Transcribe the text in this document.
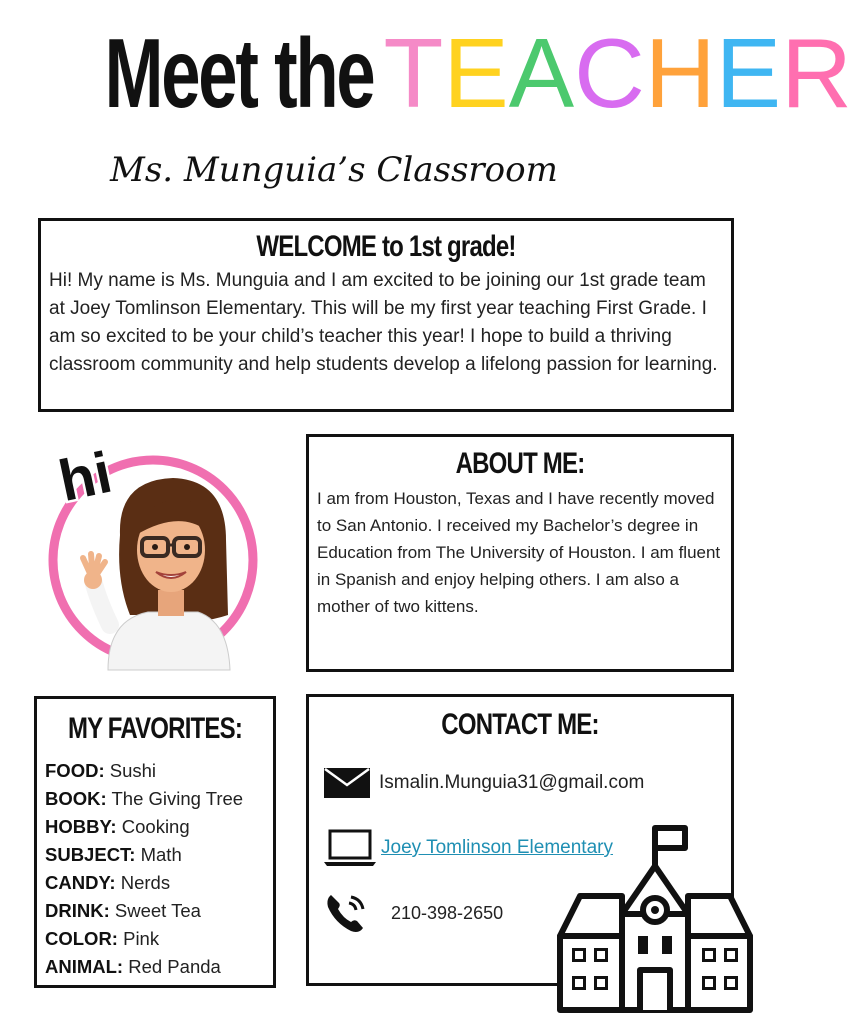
Meet the TEACHER
Ms. Munguia’s Classroom
WELCOME to 1st grade!
Hi! My name is Ms. Munguia and I am excited to be joining our 1st grade team at Joey Tomlinson Elementary. This will be my first year teaching First Grade. I am so excited to be your child’s teacher this year! I hope to build a thriving classroom community and help students develop a lifelong passion for learning.
hi	ABOUT ME:
I am from Houston, Texas and I have recently moved to San Antonio. I received my Bachelor’s degree in Education from The University of Houston. I am fluent in Spanish and enjoy helping others. I am also a mother of two kittens.
MY FAVORITES:
FOOD: Sushi
BOOK: The Giving Tree
HOBBY: Cooking
SUBJECT: Math
CANDY: Nerds
DRINK: Sweet Tea
COLOR: Pink
ANIMAL: Red Panda
CONTACT ME:
Ismalin.Munguia31@gmail.com
Joey Tomlinson Elementary
210-398-2650
